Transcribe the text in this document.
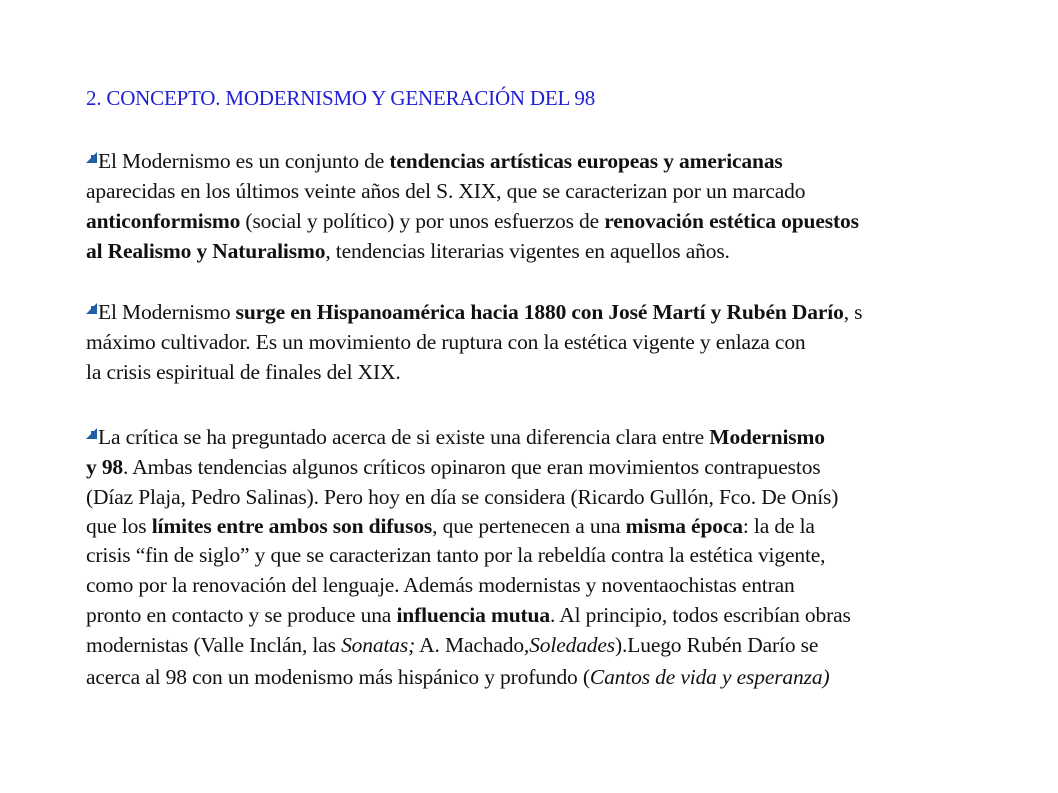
2. CONCEPTO. MODERNISMO Y GENERACIÓN DEL 98
El Modernismo es un conjunto de tendencias artísticas europeas y americanas
aparecidas en los últimos veinte años del S. XIX, que se caracterizan por un marcado
anticonformismo (social y político) y por unos esfuerzos de renovación estética opuestos
al Realismo y Naturalismo, tendencias literarias vigentes en aquellos años.
El Modernismo surge en Hispanoamérica hacia 1880 con José Martí y Rubén Darío, s
máximo cultivador. Es un movimiento de ruptura con la estética vigente y enlaza con
la crisis espiritual de finales del XIX.
La crítica se ha preguntado acerca de si existe una diferencia clara entre Modernismo
y 98. Ambas tendencias algunos críticos opinaron que eran movimientos contrapuestos
(Díaz Plaja, Pedro Salinas). Pero hoy en día se considera (Ricardo Gullón, Fco. De Onís)
que los límites entre ambos son difusos, que pertenecen a una misma época: la de la
crisis “fin de siglo” y que se caracterizan tanto por la rebeldía contra la estética vigente,
como por la renovación del lenguaje. Además modernistas y noventaochistas entran
pronto en contacto y se produce una influencia mutua. Al principio, todos escribían obras
modernistas (Valle Inclán, las Sonatas; A. Machado,Soledades).Luego Rubén Darío se
acerca al 98 con un modenismo más hispánico y profundo (Cantos de vida y esperanza)
